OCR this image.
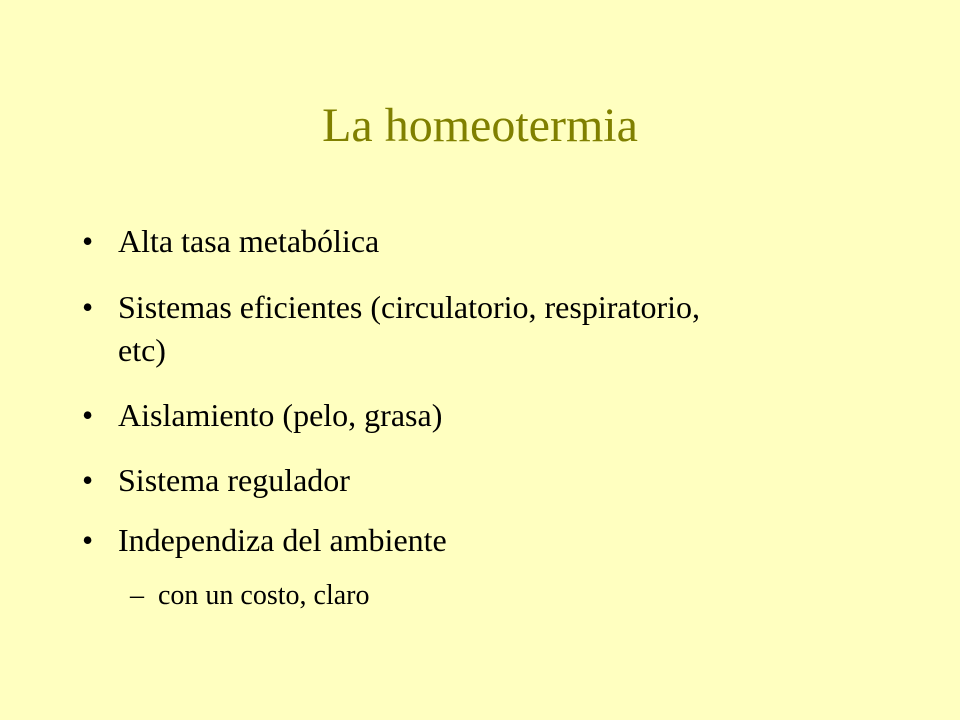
La homeotermia
• Alta tasa metabólica
• Sistemas eficientes (circulatorio, respiratorio, etc)
• Aislamiento (pelo, grasa)
• Sistema regulador
• Independiza del ambiente
– con un costo, claro
